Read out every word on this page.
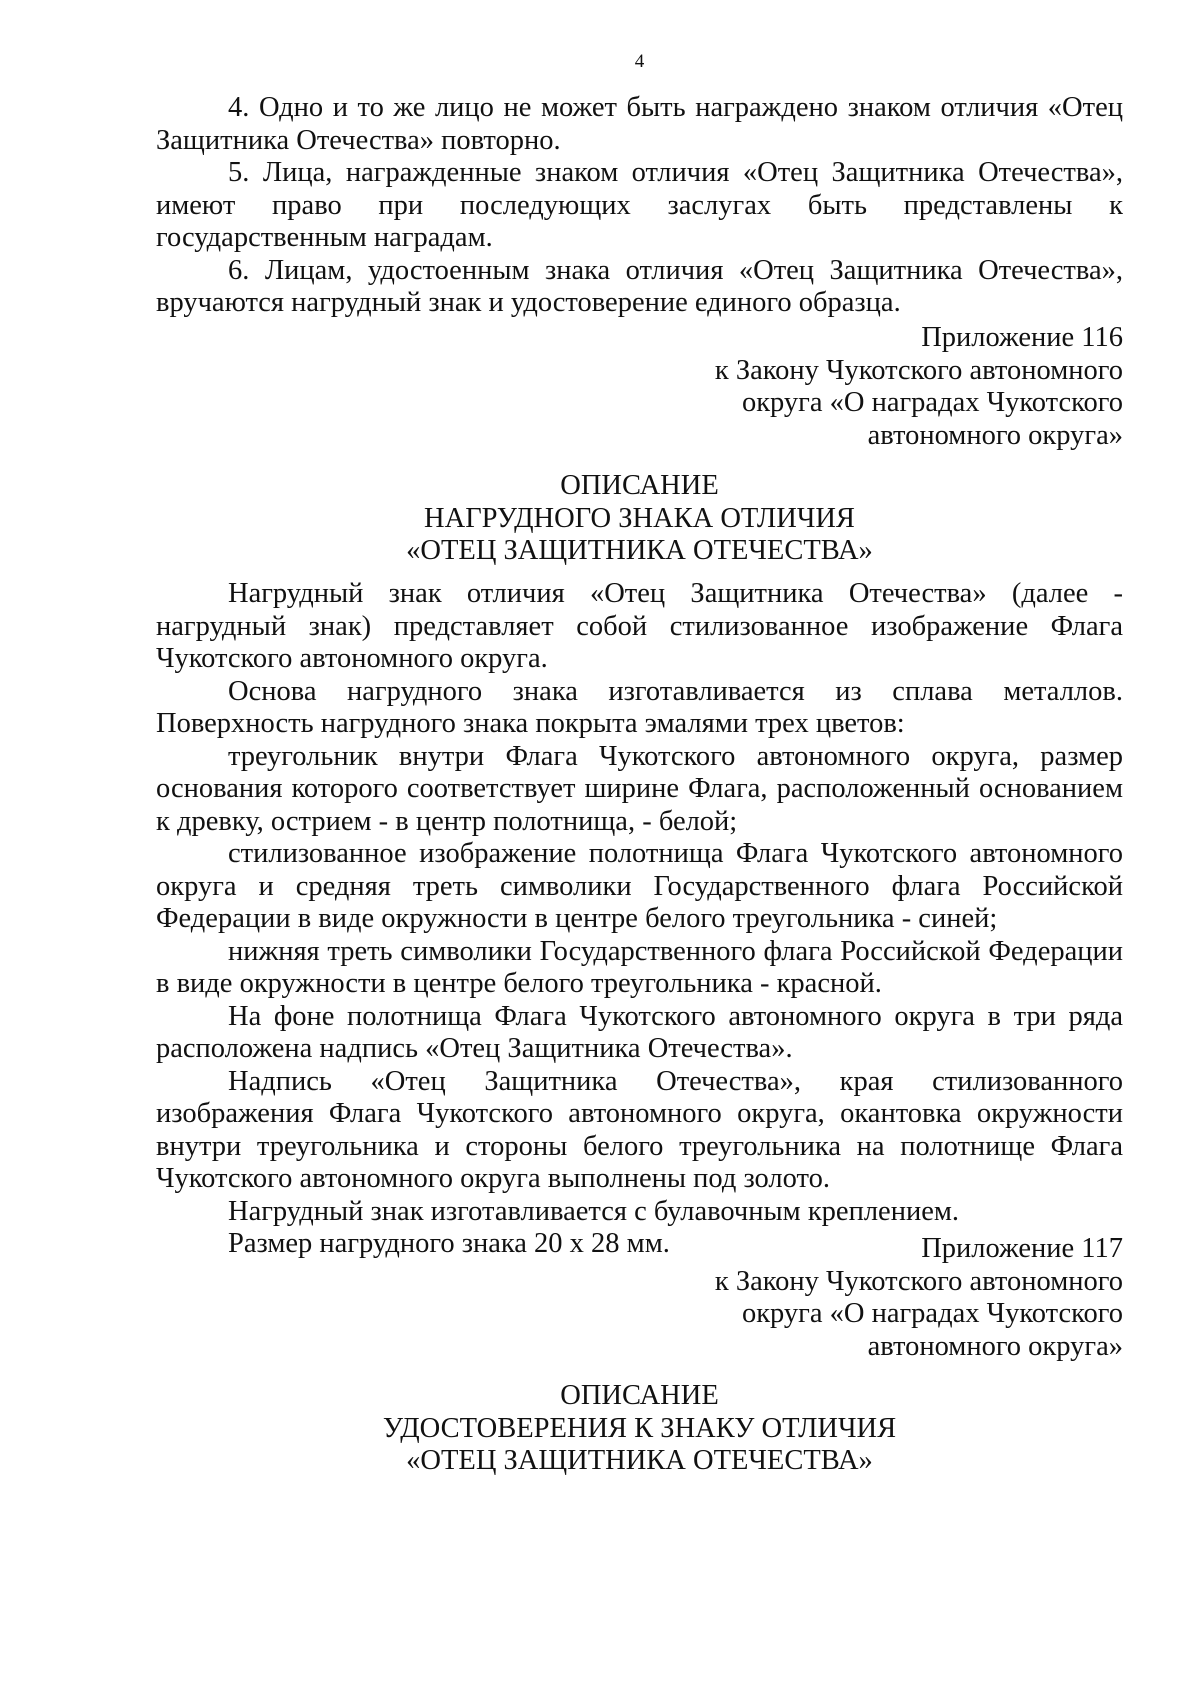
4

4. Одно и то же лицо не может быть награждено знаком отличия «Отец Защитника Отечества» повторно.

5. Лица, награжденные знаком отличия «Отец Защитника Отечества», имеют право при последующих заслугах быть представлены к государственным наградам.

6. Лицам, удостоенным знака отличия «Отец Защитника Отечества», вручаются нагрудный знак и удостоверение единого образца.

Приложение 116
к Закону Чукотского автономного
округа «О наградах Чукотского
автономного округа»
ОПИСАНИЕ
НАГРУДНОГО ЗНАКА ОТЛИЧИЯ
«ОТЕЦ ЗАЩИТНИКА ОТЕЧЕСТВА»

Нагрудный знак отличия «Отец Защитника Отечества» (далее - нагрудный знак) представляет собой стилизованное изображение Флага Чукотского автономного округа.

Основа нагрудного знака изготавливается из сплава металлов. Поверхность нагрудного знака покрыта эмалями трех цветов:

треугольник внутри Флага Чукотского автономного округа, размер основания которого соответствует ширине Флага, расположенный основанием к древку, острием - в центр полотнища, - белой;

стилизованное изображение полотнища Флага Чукотского автономного округа и средняя треть символики Государственного флага Российской Федерации в виде окружности в центре белого треугольника - синей;

нижняя треть символики Государственного флага Российской Федерации в виде окружности в центре белого треугольника - красной.

На фоне полотнища Флага Чукотского автономного округа в три ряда расположена надпись «Отец Защитника Отечества».

Надпись «Отец Защитника Отечества», края стилизованного изображения Флага Чукотского автономного округа, окантовка окружности внутри треугольника и стороны белого треугольника на полотнище Флага Чукотского автономного округа выполнены под золото.

Нагрудный знак изготавливается с булавочным креплением.

Размер нагрудного знака 20 х 28 мм.	Приложение 117
к Закону Чукотского автономного
округа «О наградах Чукотского
автономного округа»
ОПИСАНИЕ
УДОСТОВЕРЕНИЯ К ЗНАКУ ОТЛИЧИЯ
«ОТЕЦ ЗАЩИТНИКА ОТЕЧЕСТВА»
